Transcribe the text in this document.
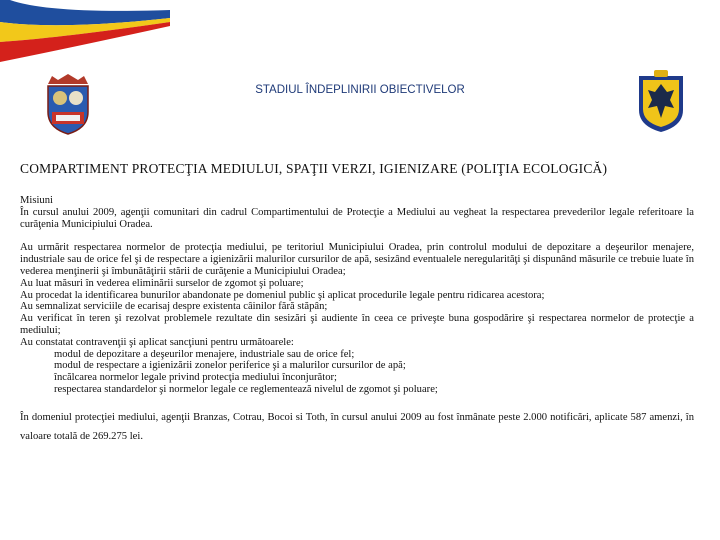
STADIUL ÎNDEPLINIRII OBIECTIVELOR
COMPARTIMENT PROTECŢIA MEDIULUI, SPAŢII VERZI, IGIENIZARE (POLIŢIA ECOLOGICĂ)

Misiuni

În cursul anului 2009, agenţii comunitari din cadrul Compartimentului de Protecţie a Mediului au vegheat la respectarea prevederilor legale referitoare la curăţenia Municipiului Oradea.

Au urmărit respectarea normelor de protecţia mediului, pe teritoriul Municipiului Oradea, prin controlul modului de depozitare a deşeurilor menajere, industriale sau de orice fel şi de respectare a igienizării malurilor cursurilor de apă, sesizând eventualele neregularităţi şi dispunând măsurile ce trebuie luate în vederea menţinerii şi îmbunătăţirii stării de curăţenie a Municipiului Oradea;

Au luat măsuri în vederea eliminării surselor de zgomot şi poluare;

Au procedat la identificarea bunurilor abandonate pe domeniul public şi aplicat procedurile legale pentru ridicarea acestora;

Au semnalizat serviciile de ecarisaj despre existenta câinilor fără stăpân;

Au verificat în teren şi rezolvat problemele rezultate din sesizări şi audiente în ceea ce priveşte buna gospodărire şi respectarea normelor de protecţie a mediului;

Au constatat contravenţii şi aplicat sancţiuni pentru următoarele:

modul de depozitare a deşeurilor menajere, industriale sau de orice fel;

modul de respectare a igienizării zonelor periferice şi a malurilor cursurilor de apă;

încălcarea normelor legale privind protecţia mediului înconjurător;

respectarea standardelor şi normelor legale ce reglementează nivelul de zgomot şi poluare;

În domeniul protecţiei mediului, agenţii Branzas, Cotrau, Bocoi si Toth, în cursul anului 2009 au fost înmânate peste 2.000 notificări, aplicate 587 amenzi, în valoare totală de 269.275 lei.
